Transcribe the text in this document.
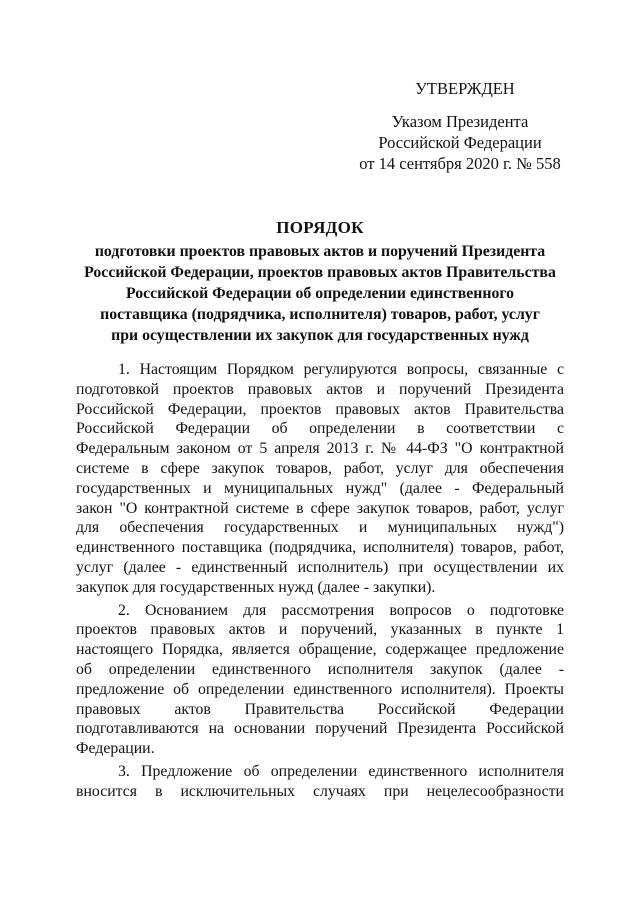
УТВЕРЖДЕН
Указом Президента
Российской Федерации
от 14 сентября 2020 г. № 558
ПОРЯДОК
подготовки проектов правовых актов и поручений Президента
Российской Федерации, проектов правовых актов Правительства
Российской Федерации об определении единственного
поставщика (подрядчика, исполнителя) товаров, работ, услуг
при осуществлении их закупок для государственных нужд
1. Настоящим Порядком регулируются вопросы, связанные с
подготовкой проектов правовых актов и поручений Президента
Российской Федерации, проектов правовых актов Правительства
Российской Федерации об определении в соответствии с
Федеральным законом от 5 апреля 2013 г. № 44-ФЗ "О контрактной
системе в сфере закупок товаров, работ, услуг для обеспечения
государственных и муниципальных нужд" (далее - Федеральный
закон "О контрактной системе в сфере закупок товаров, работ, услуг
для обеспечения государственных и муниципальных нужд")
единственного поставщика (подрядчика, исполнителя) товаров, работ,
услуг (далее - единственный исполнитель) при осуществлении их
закупок для государственных нужд (далее - закупки).
2. Основанием для рассмотрения вопросов о подготовке
проектов правовых актов и поручений, указанных в пункте 1
настоящего Порядка, является обращение, содержащее предложение
об определении единственного исполнителя закупок (далее -
предложение об определении единственного исполнителя). Проекты
правовых актов Правительства Российской Федерации
подготавливаются на основании поручений Президента Российской
Федерации.
3. Предложение об определении единственного исполнителя
вносится в исключительных случаях при нецелесообразности
